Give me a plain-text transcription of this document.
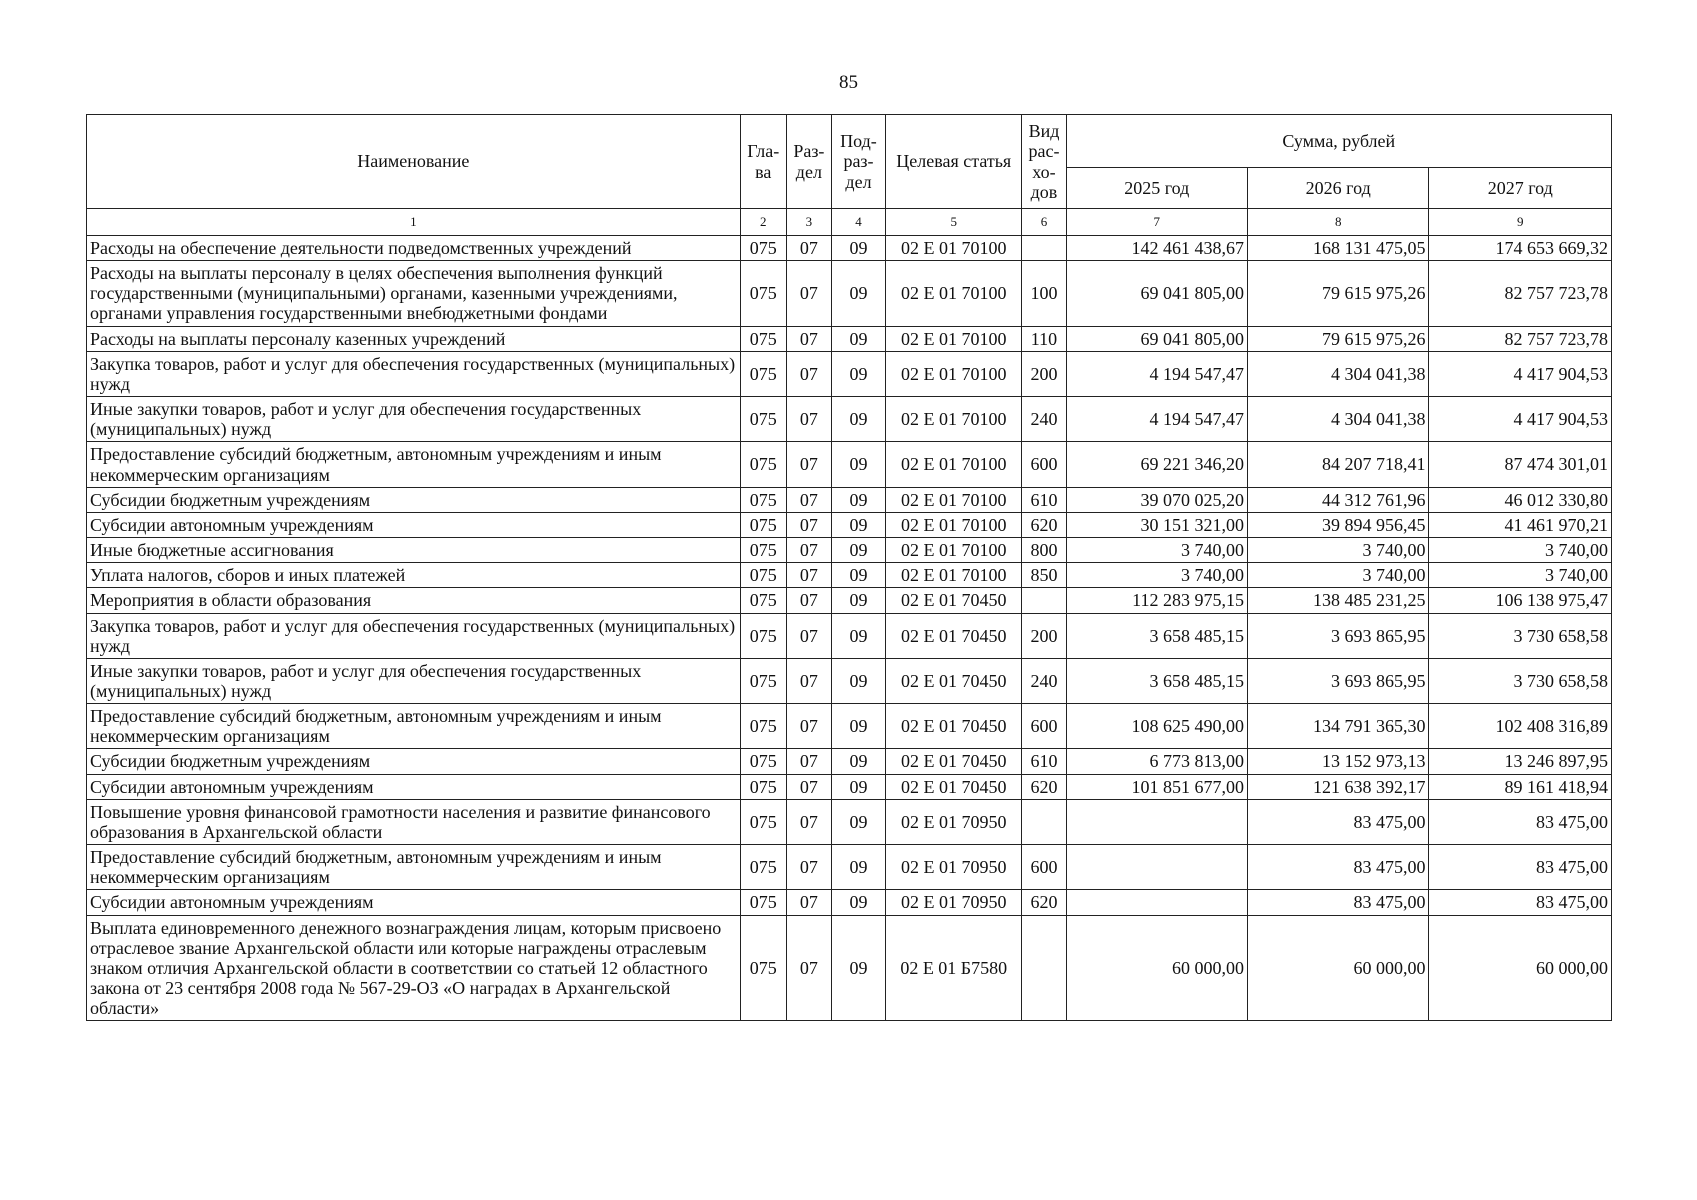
85
Наименование	Гла-ва	Раз-дел	Под-раз-дел	Целевая статья	Вид рас-хо-дов	Сумма, рублей		
						2025 год	2026 год	2027 год
1	2	3	4	5	6	7	8	9
Расходы на обеспечение деятельности подведомственных учреждений	075	07	09	02 Е 01 70100		142 461 438,67	168 131 475,05	174 653 669,32
Расходы на выплаты персоналу в целях обеспечения выполнения функций государственными (муниципальными) органами, казенными учреждениями, органами управления государственными внебюджетными фондами	075	07	09	02 Е 01 70100	100	69 041 805,00	79 615 975,26	82 757 723,78
Расходы на выплаты персоналу казенных учреждений	075	07	09	02 Е 01 70100	110	69 041 805,00	79 615 975,26	82 757 723,78
Закупка товаров, работ и услуг для обеспечения государственных (муниципальных) нужд	075	07	09	02 Е 01 70100	200	4 194 547,47	4 304 041,38	4 417 904,53
Иные закупки товаров, работ и услуг для обеспечения государственных (муниципальных) нужд	075	07	09	02 Е 01 70100	240	4 194 547,47	4 304 041,38	4 417 904,53
Предоставление субсидий бюджетным, автономным учреждениям и иным некоммерческим организациям	075	07	09	02 Е 01 70100	600	69 221 346,20	84 207 718,41	87 474 301,01
Субсидии бюджетным учреждениям	075	07	09	02 Е 01 70100	610	39 070 025,20	44 312 761,96	46 012 330,80
Субсидии автономным учреждениям	075	07	09	02 Е 01 70100	620	30 151 321,00	39 894 956,45	41 461 970,21
Иные бюджетные ассигнования	075	07	09	02 Е 01 70100	800	3 740,00	3 740,00	3 740,00
Уплата налогов, сборов и иных платежей	075	07	09	02 Е 01 70100	850	3 740,00	3 740,00	3 740,00
Мероприятия в области образования	075	07	09	02 Е 01 70450		112 283 975,15	138 485 231,25	106 138 975,47
Закупка товаров, работ и услуг для обеспечения государственных (муниципальных) нужд	075	07	09	02 Е 01 70450	200	3 658 485,15	3 693 865,95	3 730 658,58
Иные закупки товаров, работ и услуг для обеспечения государственных (муниципальных) нужд	075	07	09	02 Е 01 70450	240	3 658 485,15	3 693 865,95	3 730 658,58
Предоставление субсидий бюджетным, автономным учреждениям и иным некоммерческим организациям	075	07	09	02 Е 01 70450	600	108 625 490,00	134 791 365,30	102 408 316,89
Субсидии бюджетным учреждениям	075	07	09	02 Е 01 70450	610	6 773 813,00	13 152 973,13	13 246 897,95
Субсидии автономным учреждениям	075	07	09	02 Е 01 70450	620	101 851 677,00	121 638 392,17	89 161 418,94
Повышение уровня финансовой грамотности населения и развитие финансового образования в Архангельской области	075	07	09	02 Е 01 70950			83 475,00	83 475,00
Предоставление субсидий бюджетным, автономным учреждениям и иным некоммерческим организациям	075	07	09	02 Е 01 70950	600		83 475,00	83 475,00
Субсидии автономным учреждениям	075	07	09	02 Е 01 70950	620		83 475,00	83 475,00
Выплата единовременного денежного вознаграждения лицам, которым присвоено отраслевое звание Архангельской области или которые награждены отраслевым знаком отличия Архангельской области в соответствии со статьей 12 областного закона от 23 сентября 2008 года № 567-29-ОЗ «О наградах в Архангельской области»	075	07	09	02 Е 01 Б7580		60 000,00	60 000,00	60 000,00
